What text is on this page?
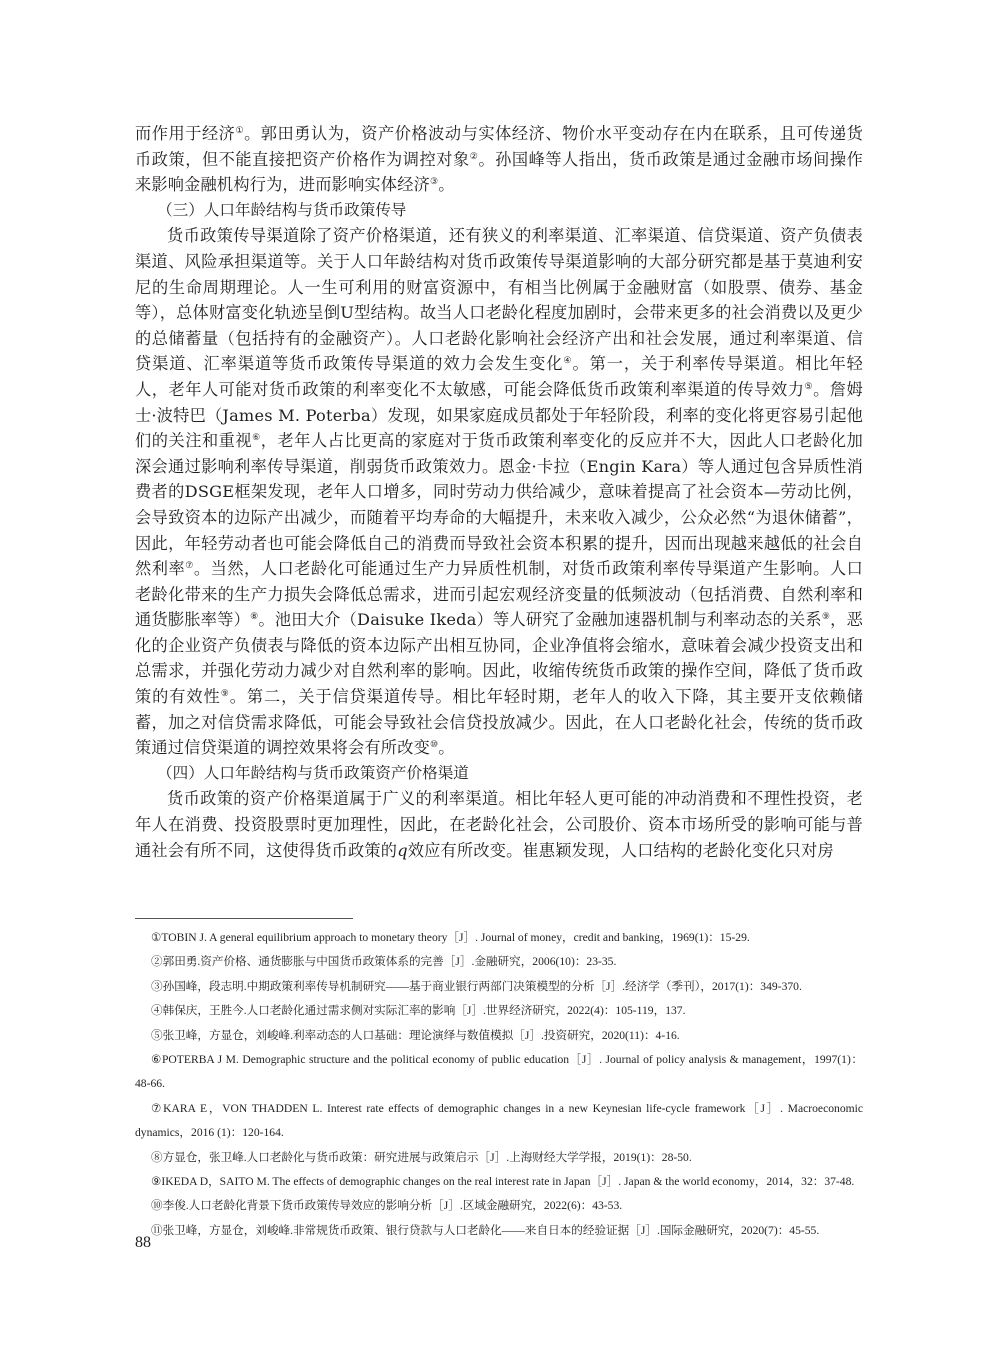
而作用于经济①。郭田勇认为，资产价格波动与实体经济、物价水平变动存在内在联系，且可传递货币政策，但不能直接把资产价格作为调控对象②。孙国峰等人指出，货币政策是通过金融市场间操作来影响金融机构行为，进而影响实体经济③。

（三）人口年龄结构与货币政策传导

货币政策传导渠道除了资产价格渠道，还有狭义的利率渠道、汇率渠道、信贷渠道、资产负债表渠道、风险承担渠道等。关于人口年龄结构对货币政策传导渠道影响的大部分研究都是基于莫迪利安尼的生命周期理论。人一生可利用的财富资源中，有相当比例属于金融财富（如股票、债券、基金等），总体财富变化轨迹呈倒U型结构。故当人口老龄化程度加剧时，会带来更多的社会消费以及更少的总储蓄量（包括持有的金融资产）。人口老龄化影响社会经济产出和社会发展，通过利率渠道、信贷渠道、汇率渠道等货币政策传导渠道的效力会发生变化④。第一，关于利率传导渠道。相比年轻人，老年人可能对货币政策的利率变化不太敏感，可能会降低货币政策利率渠道的传导效力⑤。詹姆士·波特巴（James M. Poterba）发现，如果家庭成员都处于年轻阶段，利率的变化将更容易引起他们的关注和重视⑥，老年人占比更高的家庭对于货币政策利率变化的反应并不大，因此人口老龄化加深会通过影响利率传导渠道，削弱货币政策效力。恩金·卡拉（Engin Kara）等人通过包含异质性消费者的DSGE框架发现，老年人口增多，同时劳动力供给减少，意味着提高了社会资本—劳动比例，会导致资本的边际产出减少，而随着平均寿命的大幅提升，未来收入减少，公众必然“为退休储蓄”，因此，年轻劳动者也可能会降低自己的消费而导致社会资本积累的提升，因而出现越来越低的社会自然利率⑦。当然，人口老龄化可能通过生产力异质性机制，对货币政策利率传导渠道产生影响。人口老龄化带来的生产力损失会降低总需求，进而引起宏观经济变量的低频波动（包括消费、自然利率和通货膨胀率等）⑧。池田大介（Daisuke Ikeda）等人研究了金融加速器机制与利率动态的关系⑨，恶化的企业资产负债表与降低的资本边际产出相互协同，企业净值将会缩水，意味着会减少投资支出和总需求，并强化劳动力减少对自然利率的影响。因此，收缩传统货币政策的操作空间，降低了货币政策的有效性⑨。第二，关于信贷渠道传导。相比年轻时期，老年人的收入下降，其主要开支依赖储蓄，加之对信贷需求降低，可能会导致社会信贷投放减少。因此，在人口老龄化社会，传统的货币政策通过信贷渠道的调控效果将会有所改变⑩。

（四）人口年龄结构与货币政策资产价格渠道

货币政策的资产价格渠道属于广义的利率渠道。相比年轻人更可能的冲动消费和不理性投资，老年人在消费、投资股票时更加理性，因此，在老龄化社会，公司股价、资本市场所受的影响可能与普通社会有所不同，这使得货币政策的q效应有所改变。崔惠颖发现，人口结构的老龄化变化只对房

①TOBIN J. A general equilibrium approach to monetary theory［J］. Journal of money，credit and banking，1969(1)：15-29.

②郭田勇.资产价格、通货膨胀与中国货币政策体系的完善［J］.金融研究，2006(10)：23-35.

③孙国峰，段志明.中期政策利率传导机制研究——基于商业银行两部门决策模型的分析［J］.经济学（季刊），2017(1)：349-370.

④韩保庆，王胜今.人口老龄化通过需求侧对实际汇率的影响［J］.世界经济研究，2022(4)：105-119，137.

⑤张卫峰，方显仓，刘峻峰.利率动态的人口基础：理论演绎与数值模拟［J］.投资研究，2020(11)：4-16.

⑥POTERBA J M. Demographic structure and the political economy of public education［J］. Journal of policy analysis & management，1997(1)：48-66.

⑦KARA E，VON THADDEN L. Interest rate effects of demographic changes in a new Keynesian life-cycle framework［J］. Macroeconomic dynamics，2016 (1)：120-164.

⑧方显仓，张卫峰.人口老龄化与货币政策：研究进展与政策启示［J］.上海财经大学学报，2019(1)：28-50.

⑨IKEDA D，SAITO M. The effects of demographic changes on the real interest rate in Japan［J］. Japan & the world economy，2014，32：37-48.

⑩李俊.人口老龄化背景下货币政策传导效应的影响分析［J］.区域金融研究，2022(6)：43-53.

⑪张卫峰，方显仓，刘峻峰.非常规货币政策、银行贷款与人口老龄化——来自日本的经验证据［J］.国际金融研究，2020(7)：45-55.

88
